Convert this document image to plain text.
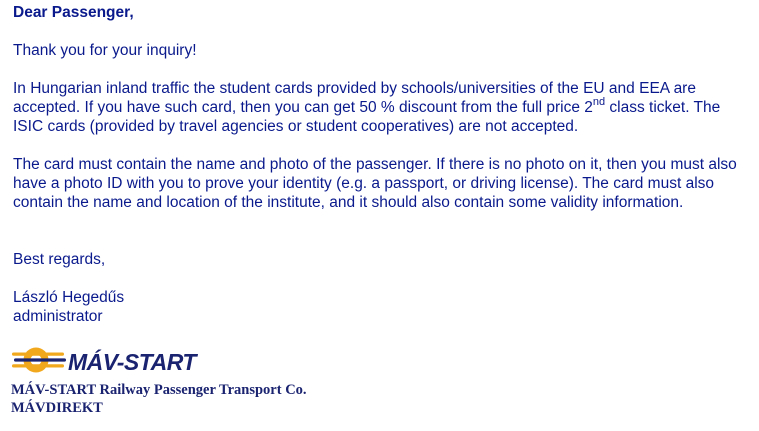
Dear Passenger,

Thank you for your inquiry!

In Hungarian inland traffic the student cards provided by schools/universities of the EU and EEA are accepted. If you have such card, then you can get 50 % discount from the full price 2nd class ticket. The ISIC cards (provided by travel agencies or student cooperatives) are not accepted.

The card must contain the name and photo of the passenger. If there is no photo on it, then you must also have a photo ID with you to prove your identity (e.g. a passport, or driving license). The card must also contain the name and location of the institute, and it should also contain some validity information.

Best regards,

László Hegedűs

administrator

MÁV-START
MÁV-START Railway Passenger Transport Co.
MÁVDIREKT
